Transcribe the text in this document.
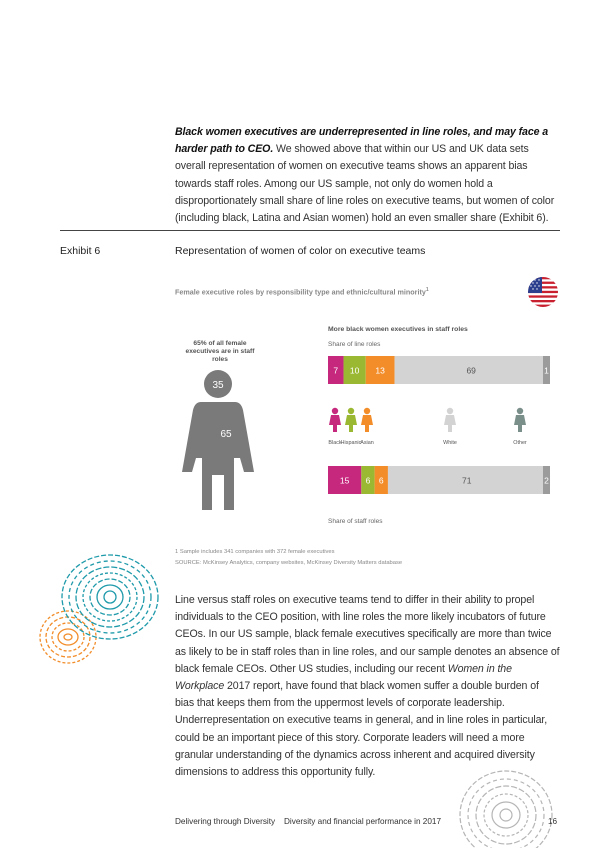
Black women executives are underrepresented in line roles, and may face a harder path to CEO. We showed above that within our US and UK data sets overall representation of women on executive teams shows an apparent bias towards staff roles. Among our US sample, not only do women hold a disproportionately small share of line roles on executive teams, but women of color (including black, Latina and Asian women) hold an even smaller share (Exhibit 6).

Exhibit 6	Representation of women of color on executive teams
Female executive roles by responsibility type and ethnic/cultural minority$^1$
More black women executives in staff roles
Share of line roles
Share of staff roles
65% of all female executives are in staff roles
35
65
7 10 13	69	1
15 6 6	71	2
Black Hispanic
Asian	White	Other
1 Sample includes 341 companies with 372 female executives
SOURCE: McKinsey Analytics, company websites, McKinsey Diversity Matters database

Line versus staff roles on executive teams tend to differ in their ability to propel individuals to the CEO position, with line roles the more likely incubators of future CEOs. In our US sample, black female executives specifically are more than twice as likely to be in staff roles than in line roles, and our sample denotes an absence of black female CEOs. Other US studies, including our recent Women in the Workplace 2017 report, have found that black women suffer a double burden of bias that keeps them from the uppermost levels of corporate leadership. Underrepresentation on executive teams in general, and in line roles in particular, could be an important piece of this story. Corporate leaders will need a more granular understanding of the dynamics across inherent and acquired diversity dimensions to address this opportunity fully.

Delivering through Diversity Diversity and financial performance in 2017	16
